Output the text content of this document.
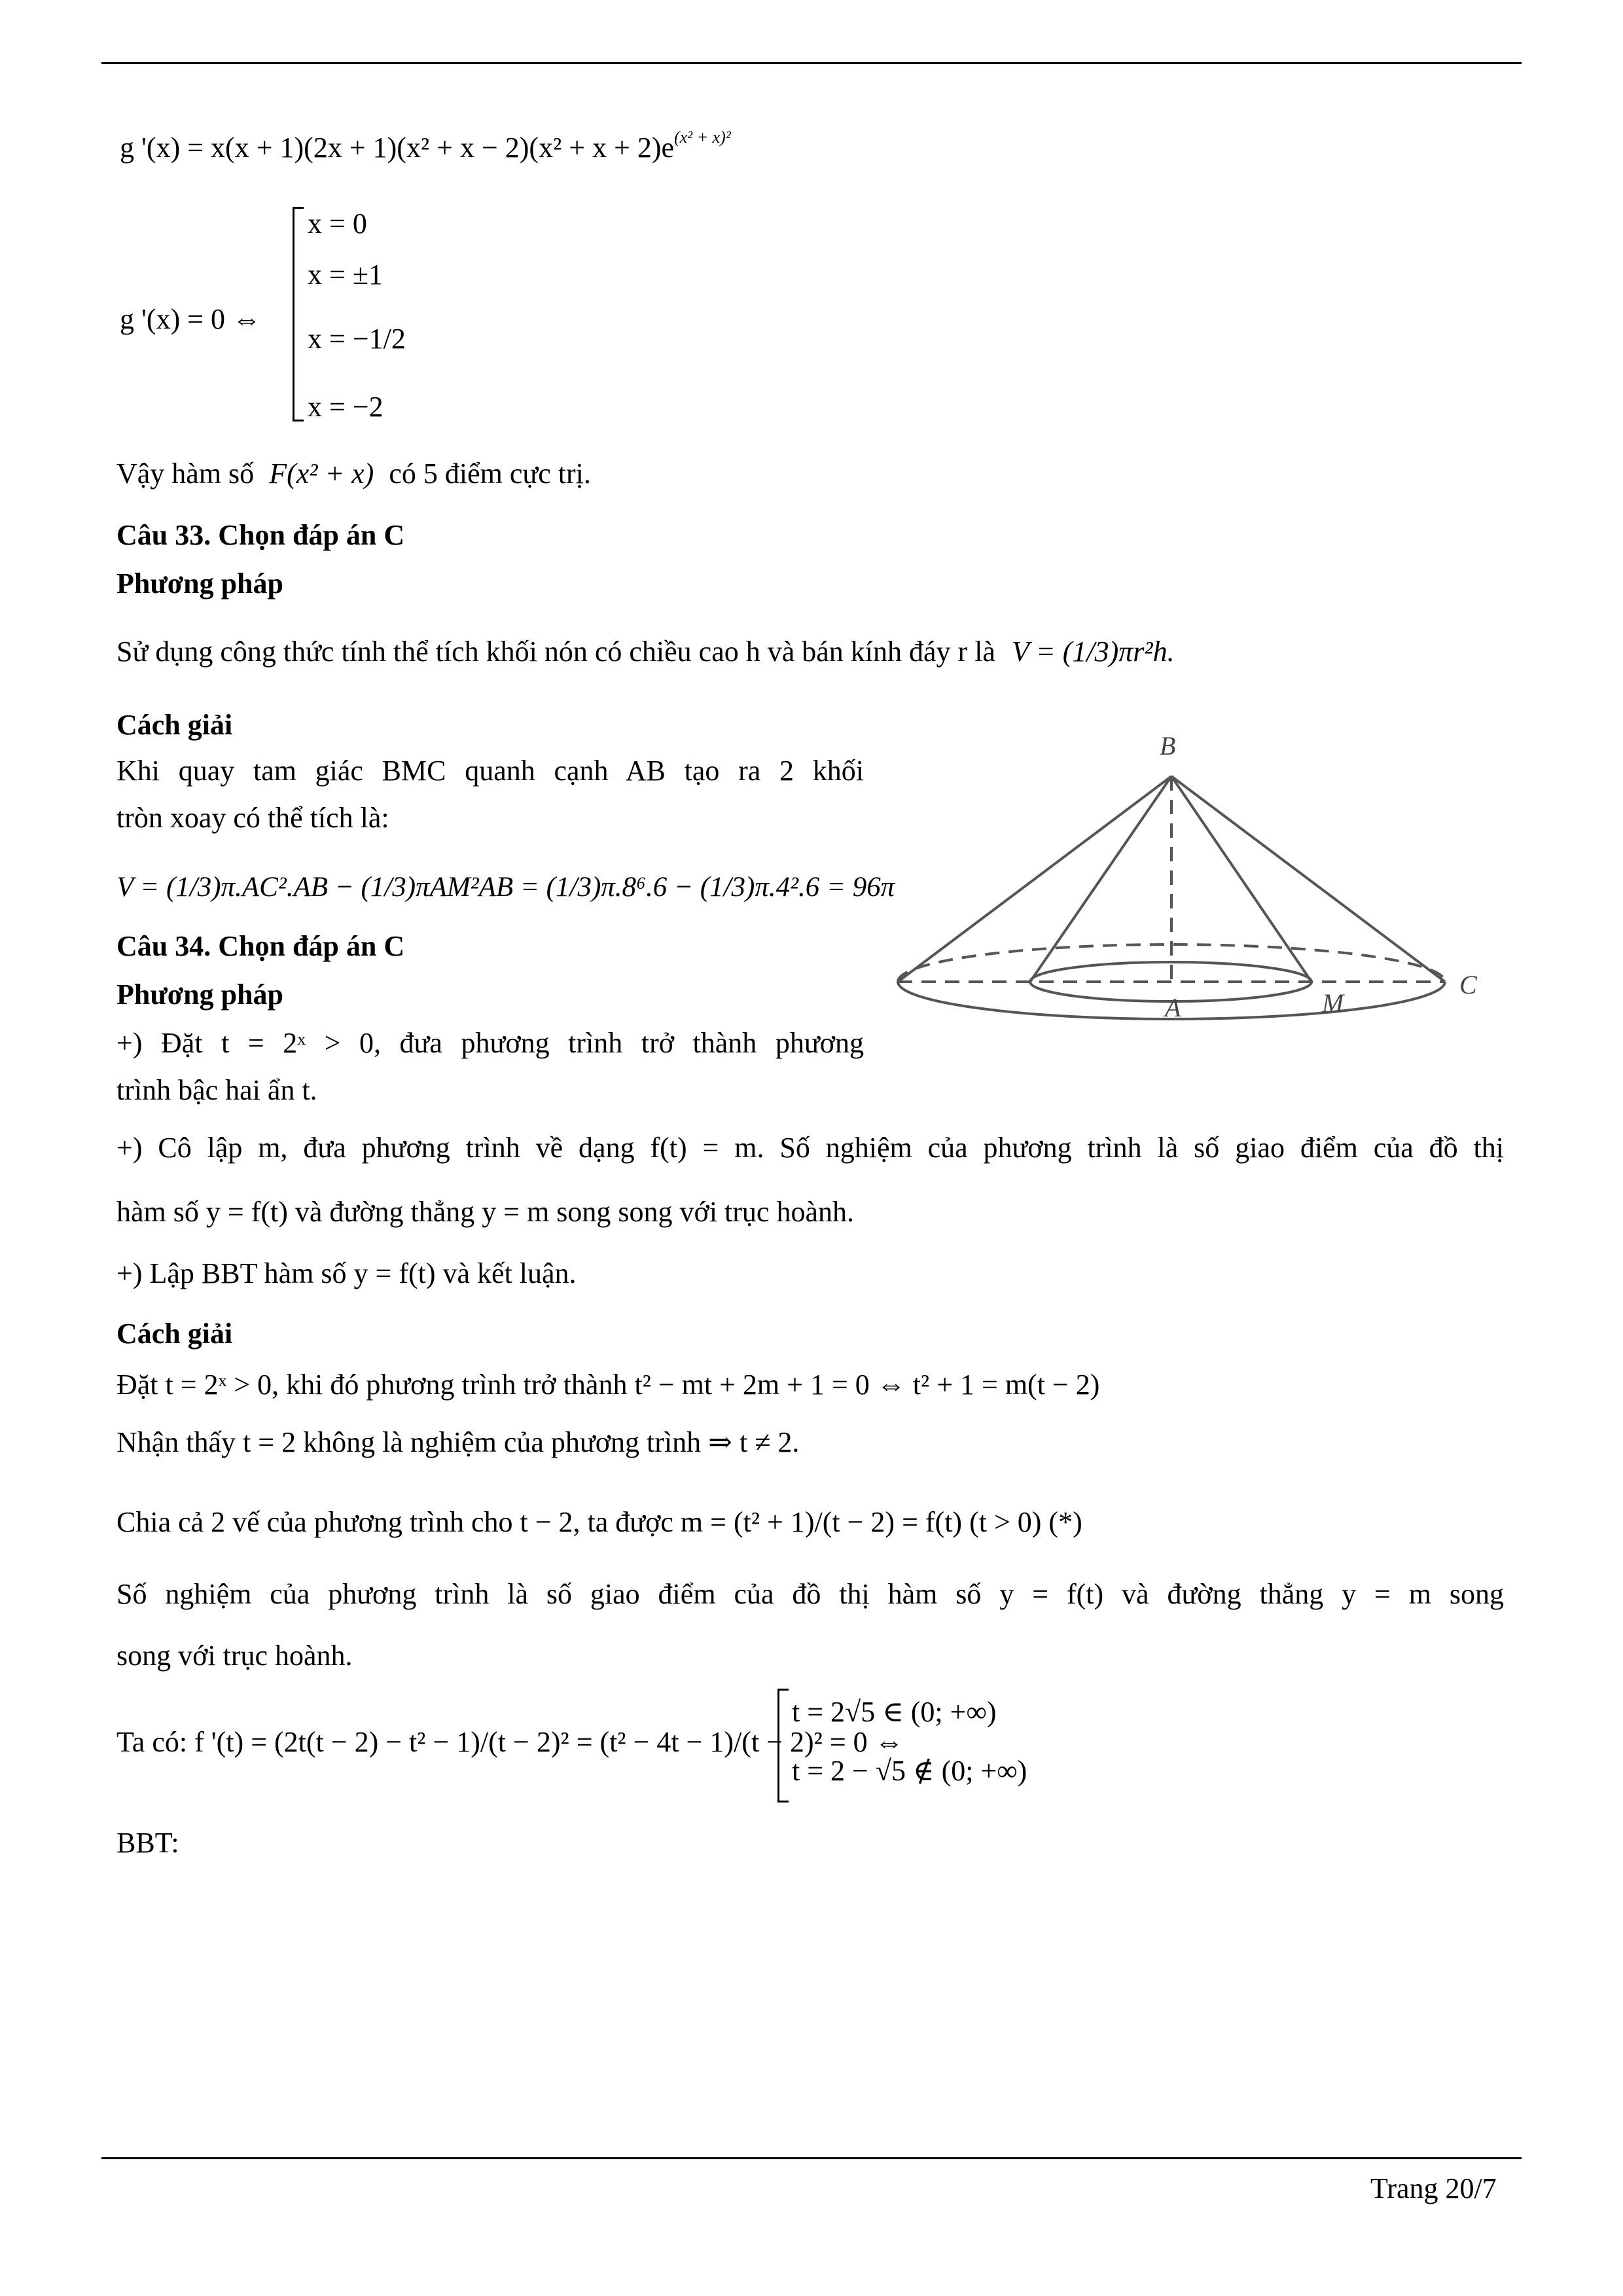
g '$(x) = x(x + 1)(2x + 1)(x^2 + x - 2)(x^2 + x + 2)e^{(x^2 + x)^2}$
g '(x) = 0 ⇔
x = 0
x = ±1
x = −1/2
x = −2
Vậy hàm số F(x² + x) có 5 điểm cực trị.
Câu 33. Chọn đáp án C
Phương pháp
Sử dụng công thức tính thể tích khối nón có chiều cao h và bán kính đáy r là V = (1/3)πr²h.
Cách giải
Khi quay tam giác BMC quanh cạnh AB tạo ra 2 khối
tròn xoay có thể tích là:
V = (1/3)π.AC².AB − (1/3)πAM²AB = (1/3)π.8⁶.6 − (1/3)π.4².6 = 96π
B
A	M
C
Câu 34. Chọn đáp án C
Phương pháp
+) Đặt t = 2ˣ > 0, đưa phương trình trở thành phương
trình bậc hai ẩn t.
+) Cô lập m, đưa phương trình về dạng f(t) = m. Số nghiệm của phương trình là số giao điểm của đồ thị
hàm số y = f(t) và đường thẳng y = m song song với trục hoành.
+) Lập BBT hàm số y = f(t) và kết luận.
Cách giải
Đặt t = 2ˣ > 0, khi đó phương trình trở thành t² − mt + 2m + 1 = 0 ⇔ t² + 1 = m(t − 2)
Nhận thấy t = 2 không là nghiệm của phương trình ⇒ t ≠ 2.
Chia cả 2 vế của phương trình cho t − 2, ta được m = (t² + 1)/(t − 2) = f(t) (t > 0) (*)
Số nghiệm của phương trình là số giao điểm của đồ thị hàm số y = f(t) và đường thẳng y = m song
song với trục hoành.
Ta có: f '(t) = (2t(t − 2) − t² − 1)/(t − 2)² = (t² − 4t − 1)/(t − 2)² = 0 ⇔
t = 2√5 ∈ (0; +∞)
t = 2 − √5 ∉ (0; +∞)
BBT:
Trang 20/7
